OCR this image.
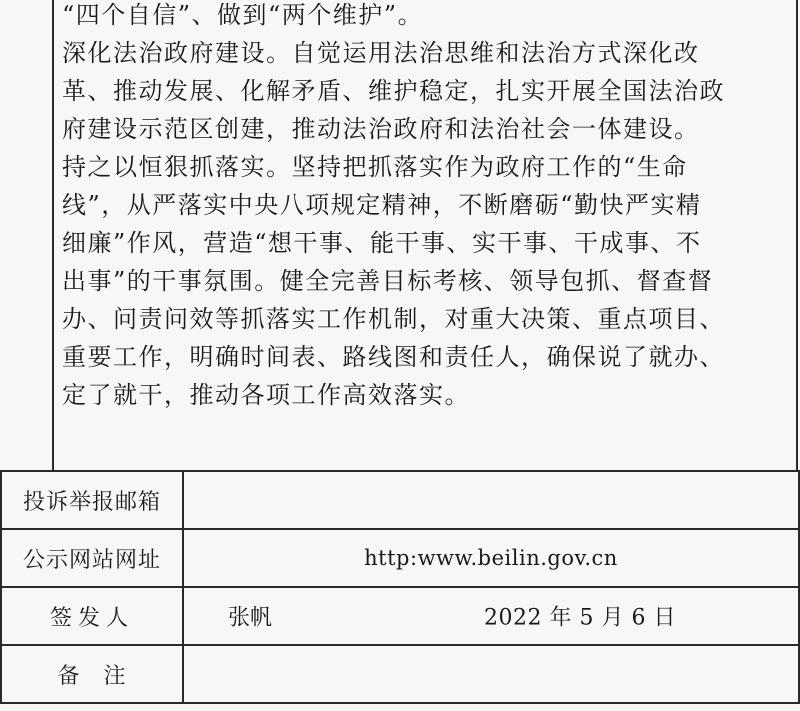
“四个自信”、做到“两个维护”。
深化法治政府建设。自觉运用法治思维和法治方式深化改
革、推动发展、化解矛盾、维护稳定，扎实开展全国法治政
府建设示范区创建，推动法治政府和法治社会一体建设。
持之以恒狠抓落实。坚持把抓落实作为政府工作的“生命
线”，从严落实中央八项规定精神，不断磨砺“勤快严实精
细廉”作风，营造“想干事、能干事、实干事、干成事、不
出事”的干事氛围。健全完善目标考核、领导包抓、督查督
办、问责问效等抓落实工作机制，对重大决策、重点项目、
重要工作，明确时间表、路线图和责任人，确保说了就办、
定了就干，推动各项工作高效落实。
投诉举报邮箱	
公示网站网址	http:www.beilin.gov.cn
签发人	张帆 2022 年 5 月 6 日

备　注	
